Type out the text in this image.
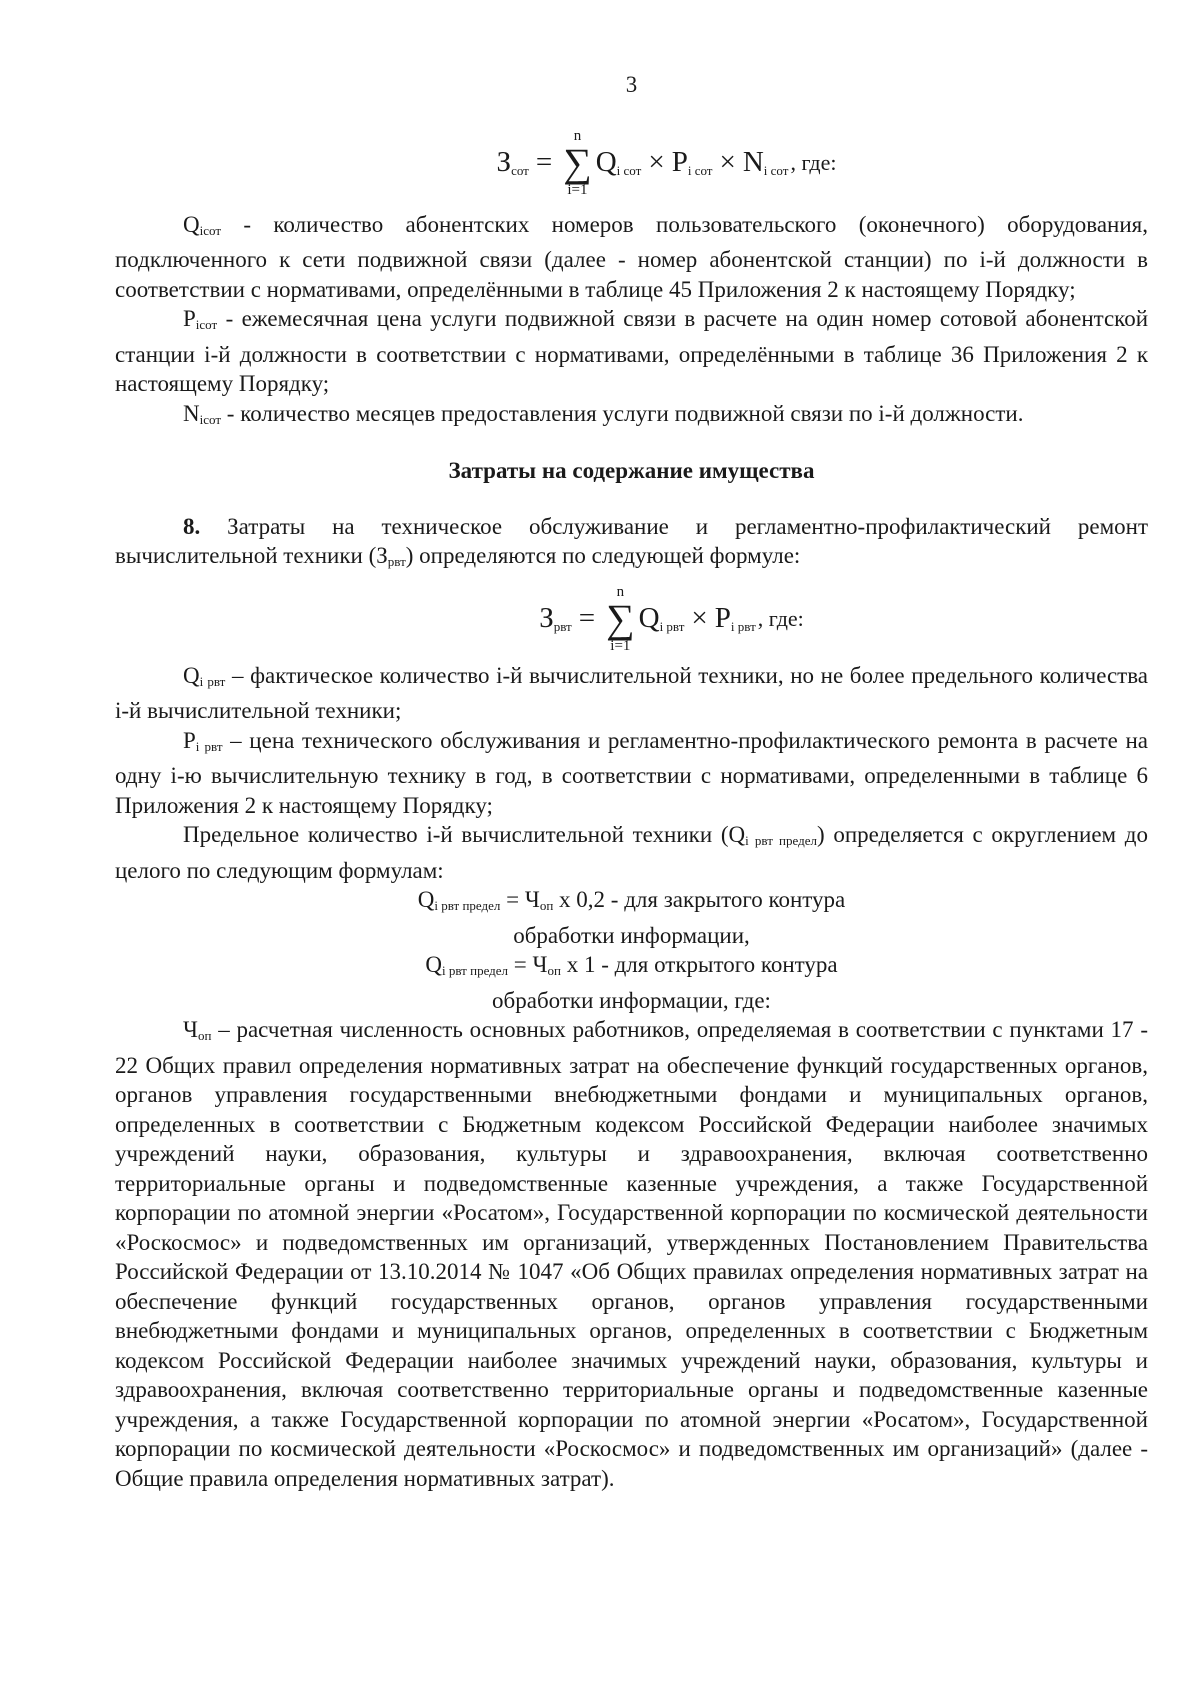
3
$З_{сот}$ =
n
∑
i=1
$Q_{i сот} \times P_{i сот} \times N_{i сот}$ , где:

$Q_{iсот}$ - количество абонентских номеров пользовательского (оконечного) оборудования, подключенного к сети подвижной связи (далее - номер абонентской станции) по i-й должности в соответствии с нормативами, определёнными в таблице 45 Приложения 2 к настоящему Порядку;

$P_{iсот}$ - ежемесячная цена услуги подвижной связи в расчете на один номер сотовой абонентской станции i-й должности в соответствии с нормативами, определёнными в таблице 36 Приложения 2 к настоящему Порядку;

$N_{iсот}$ - количество месяцев предоставления услуги подвижной связи по i-й должности.

Затраты на содержание имущества

8. Затраты на техническое обслуживание и регламентно-профилактический ремонт вычислительной техники $(З_{рвт})$ определяются по следующей формуле:

$З_{рвт}$ =
n
∑
i=1
$Q_{i рвт} \times P_{i рвт}$ , где:

$Q_{i рвт}$ – фактическое количество i-й вычислительной техники, но не более предельного количества i-й вычислительной техники;

$P_{i рвт}$ – цена технического обслуживания и регламентно-профилактического ремонта в расчете на одну i-ю вычислительную технику в год, в соответствии с нормативами, определенными в таблице 6 Приложения 2 к настоящему Порядку;

Предельное количество i-й вычислительной техники $(Q_{i рвт предел})$ определяется с округлением до целого по следующим формулам:

$Q_{i рвт предел} = Ч_{оп}$ х 0,2 - для закрытого контура

обработки информации,

$Q_{i рвт предел} = Ч_{оп}$ х 1 - для открытого контура

обработки информации, где:

$Ч_{оп}$ – расчетная численность основных работников, определяемая в соответствии с пунктами 17 - 22 Общих правил определения нормативных затрат на обеспечение функций государственных органов, органов управления государственными внебюджетными фондами и муниципальных органов, определенных в соответствии с Бюджетным кодексом Российской Федерации наиболее значимых учреждений науки, образования, культуры и здравоохранения, включая соответственно территориальные органы и подведомственные казенные учреждения, а также Государственной корпорации по атомной энергии «Росатом», Государственной корпорации по космической деятельности «Роскосмос» и подведомственных им организаций, утвержденных Постановлением Правительства Российской Федерации от 13.10.2014 № 1047 «Об Общих правилах определения нормативных затрат на обеспечение функций государственных органов, органов управления государственными внебюджетными фондами и муниципальных органов, определенных в соответствии с Бюджетным кодексом Российской Федерации наиболее значимых учреждений науки, образования, культуры и здравоохранения, включая соответственно территориальные органы и подведомственные казенные учреждения, а также Государственной корпорации по атомной энергии «Росатом», Государственной корпорации по космической деятельности «Роскосмос» и подведомственных им организаций» (далее - Общие правила определения нормативных затрат).
